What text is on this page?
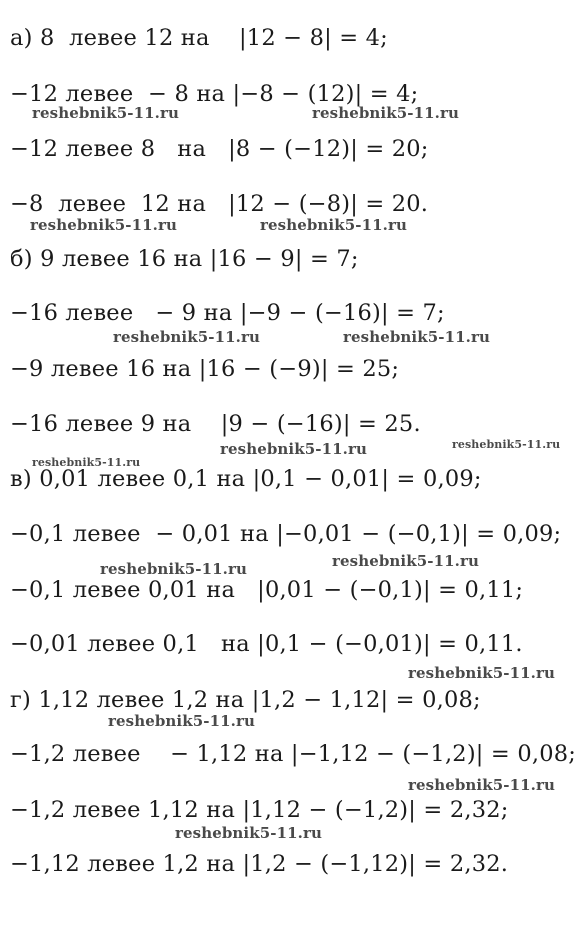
а) 8  левее 12 на    |12 − 8| = 4;
−12 левее  − 8 на |−8 − (12)| = 4;
−12 левее 8   на   |8 − (−12)| = 20;
−8  левее  12 на   |12 − (−8)| = 20.
б) 9 левее 16 на |16 − 9| = 7;
−16 левее   − 9 на |−9 − (−16)| = 7;
−9 левее 16 на |16 − (−9)| = 25;
−16 левее 9 на    |9 − (−16)| = 25.
в) 0,01 левее 0,1 на |0,1 − 0,01| = 0,09;
−0,1 левее  − 0,01 на |−0,01 − (−0,1)| = 0,09;
−0,1 левее 0,01 на   |0,01 − (−0,1)| = 0,11;
−0,01 левее 0,1   на |0,1 − (−0,01)| = 0,11.
г) 1,12 левее 1,2 на |1,2 − 1,12| = 0,08;
−1,2 левее    − 1,12 на |−1,12 − (−1,2)| = 0,08;
−1,2 левее 1,12 на |1,12 − (−1,2)| = 2,32;
−1,12 левее 1,2 на |1,2 − (−1,12)| = 2,32.
reshebnik5-11.ru	reshebnik5-11.ru
reshebnik5-11.ru	reshebnik5-11.ru
reshebnik5-11.ru	reshebnik5-11.ru
reshebnik5-11.ru	reshebnik5-11.ru
reshebnik5-11.ru
reshebnik5-11.ru
reshebnik5-11.ru
reshebnik5-11.ru
reshebnik5-11.ru
reshebnik5-11.ru
reshebnik5-11.ru
